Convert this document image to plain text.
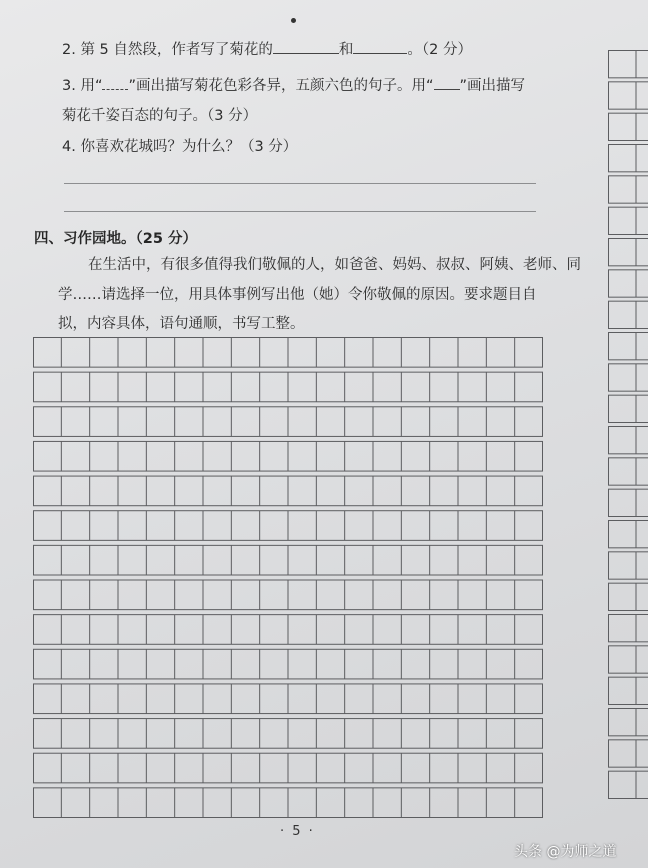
2. 第 5 自然段，作者写了菊花的	和	。（2 分）
3. 用“ ”画出描写菊花色彩各异，五颜六色的句子。用“ ”画出描写
菊花千姿百态的句子。（3 分）
4. 你喜欢花城吗？为什么？（3 分）
四、习作园地。（25 分）
在生活中，有很多值得我们敬佩的人，如爸爸、妈妈、叔叔、阿姨、老师、同
学……请选择一位，用具体事例写出他（她）令你敬佩的原因。要求题目自
拟，内容具体，语句通顺，书写工整。
· 5 ·
头条 @为师之道
